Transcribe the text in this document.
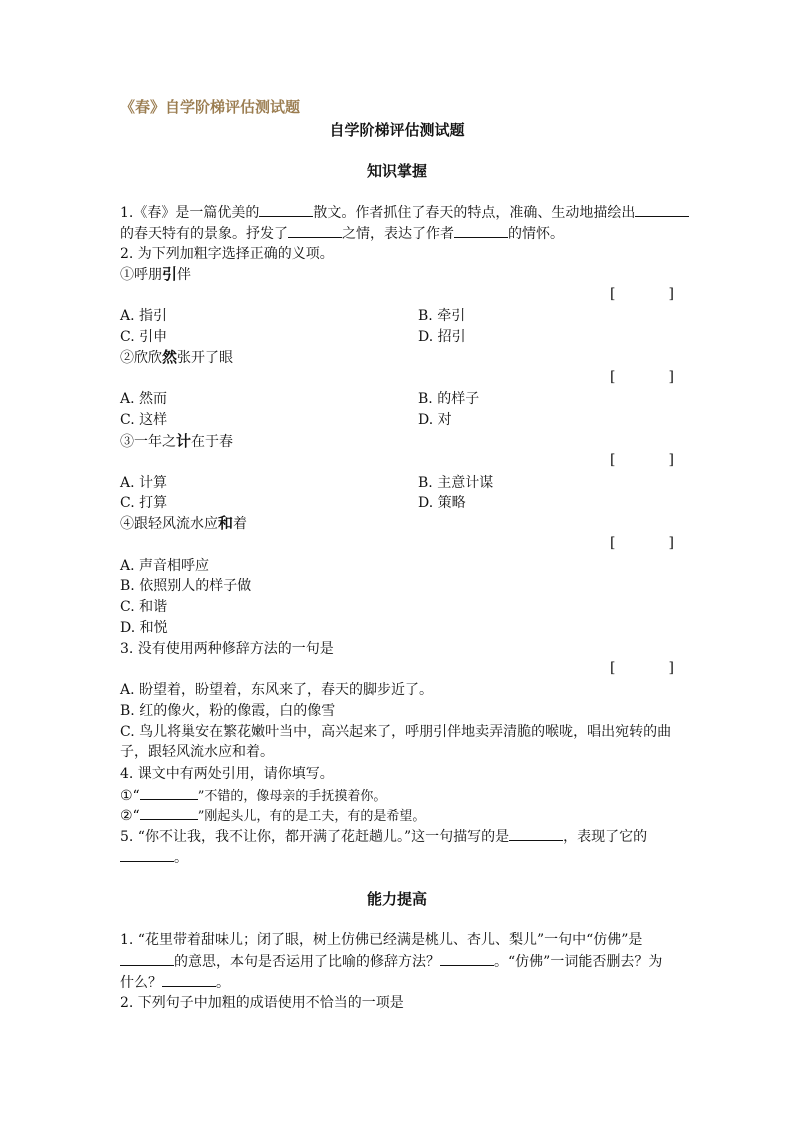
《春》自学阶梯评估测试题
自学阶梯评估测试题
知识掌握
1.《春》是一篇优美的	散文。作者抓住了春天的特点，准确、生动地描绘出
的春天特有的景象。抒发了	之情，表达了作者	的情怀。
2. 为下列加粗字选择正确的义项。
①呼朋引伴
[	]
A. 指引	B. 牵引
C. 引申	D. 招引
②欣欣然张开了眼
[	]
A. 然而	B. 的样子
C. 这样	D. 对
③一年之计在于春
[	]
A. 计算	B. 主意计谋
C. 打算	D. 策略
④跟轻风流水应和着
[	]
A. 声音相呼应
B. 依照别人的样子做
C. 和谐
D. 和悦
3. 没有使用两种修辞方法的一句是
[	]
A. 盼望着，盼望着，东风来了，春天的脚步近了。
B. 红的像火，粉的像霞，白的像雪
C. 鸟儿将巢安在繁花嫩叶当中，高兴起来了，呼朋引伴地卖弄清脆的喉咙，唱出宛转的曲
子，跟轻风流水应和着。
4. 课文中有两处引用，请你填写。
①“	”不错的，像母亲的手抚摸着你。
②“	”刚起头儿，有的是工夫，有的是希望。
5. “你不让我，我不让你，都开满了花赶趟儿。”这一句描写的是	，表现了它的
。
能力提高
1. “花里带着甜味儿；闭了眼，树上仿佛已经满是桃儿、杏儿、梨儿”一句中“仿佛”是
的意思，本句是否运用了比喻的修辞方法？	。“仿佛”一词能否删去？为
什么？	。
2. 下列句子中加粗的成语使用不恰当的一项是
